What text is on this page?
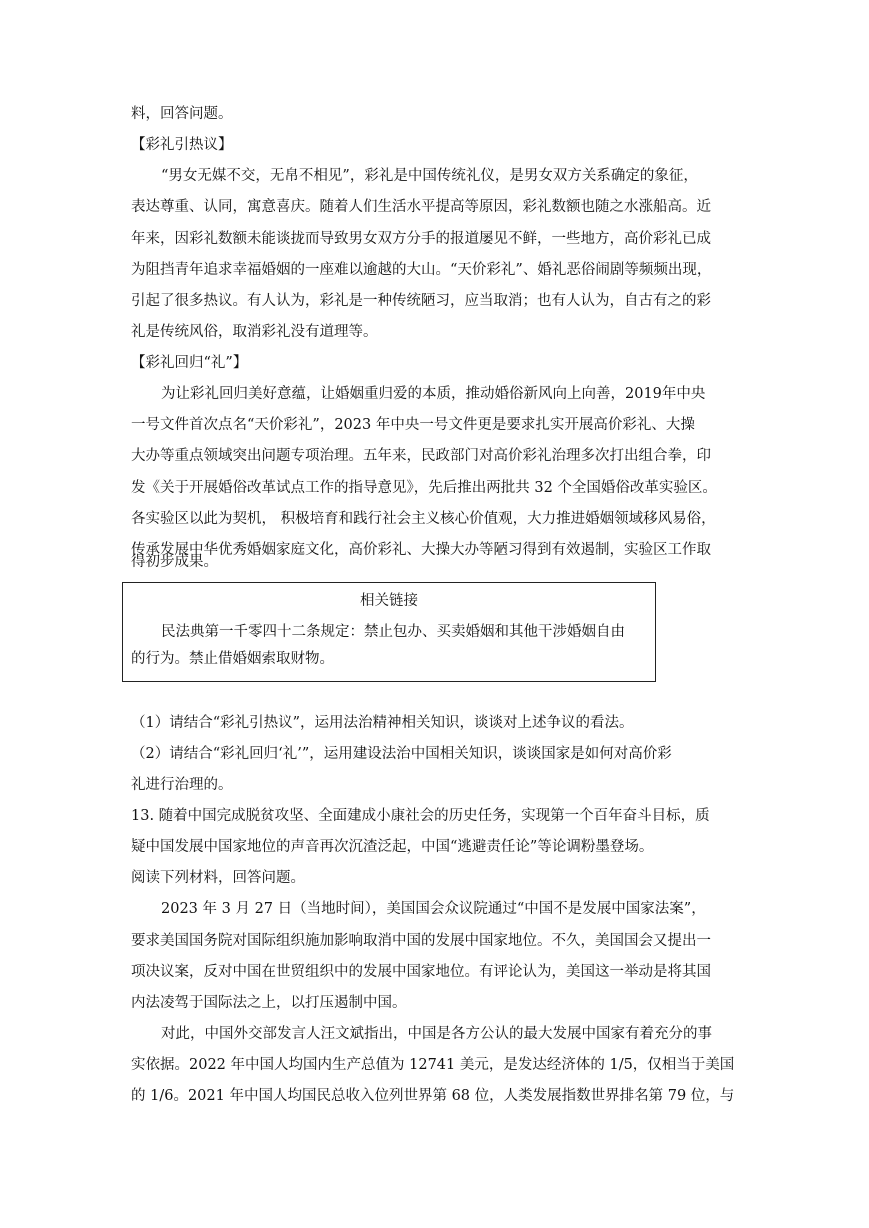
料，回答问题。
【彩礼引热议】
“男女无媒不交，无帛不相见”，彩礼是中国传统礼仪，是男女双方关系确定的象征，
表达尊重、认同，寓意喜庆。随着人们生活水平提高等原因，彩礼数额也随之水涨船高。近
年来，因彩礼数额未能谈拢而导致男女双方分手的报道屡见不鲜，一些地方，高价彩礼已成
为阻挡青年追求幸福婚姻的一座难以逾越的大山。“天价彩礼”、婚礼恶俗闹剧等频频出现，
引起了很多热议。有人认为，彩礼是一种传统陋习，应当取消；也有人认为，自古有之的彩
礼是传统风俗，取消彩礼没有道理等。
【彩礼回归“礼”】
为让彩礼回归美好意蕴，让婚姻重归爱的本质，推动婚俗新风向上向善，2019年中央
一号文件首次点名“天价彩礼”，2023 年中央一号文件更是要求扎实开展高价彩礼、大操
大办等重点领域突出问题专项治理。五年来，民政部门对高价彩礼治理多次打出组合拳，印
发《关于开展婚俗改革试点工作的指导意见》，先后推出两批共 32 个全国婚俗改革实验区。
各实验区以此为契机， 积极培育和践行社会主义核心价值观，大力推进婚姻领域移风易俗，
传承发展中华优秀婚姻家庭文化，高价彩礼、大操大办等陋习得到有效遏制，实验区工作取
得初步成果。
相关链接
民法典第一千零四十二条规定：禁止包办、买卖婚姻和其他干涉婚姻自由
的行为。禁止借婚姻索取财物。
（1）请结合“彩礼引热议”，运用法治精神相关知识，谈谈对上述争议的看法。
（2）请结合“彩礼回归‘礼’”，运用建设法治中国相关知识，谈谈国家是如何对高价彩
礼进行治理的。
13. 随着中国完成脱贫攻坚、全面建成小康社会的历史任务，实现第一个百年奋斗目标，质
疑中国发展中国家地位的声音再次沉渣泛起，中国“逃避责任论”等论调粉墨登场。
阅读下列材料，回答问题。
2023 年 3 月 27 日（当地时间），美国国会众议院通过“中国不是发展中国家法案”，
要求美国国务院对国际组织施加影响取消中国的发展中国家地位。不久，美国国会又提出一
项决议案，反对中国在世贸组织中的发展中国家地位。有评论认为，美国这一举动是将其国
内法凌驾于国际法之上，以打压遏制中国。
对此，中国外交部发言人汪文斌指出，中国是各方公认的最大发展中国家有着充分的事
实依据。2022 年中国人均国内生产总值为 12741 美元，是发达经济体的 1/5，仅相当于美国
的 1/6。2021 年中国人均国民总收入位列世界第 68 位，人类发展指数世界排名第 79 位，与
